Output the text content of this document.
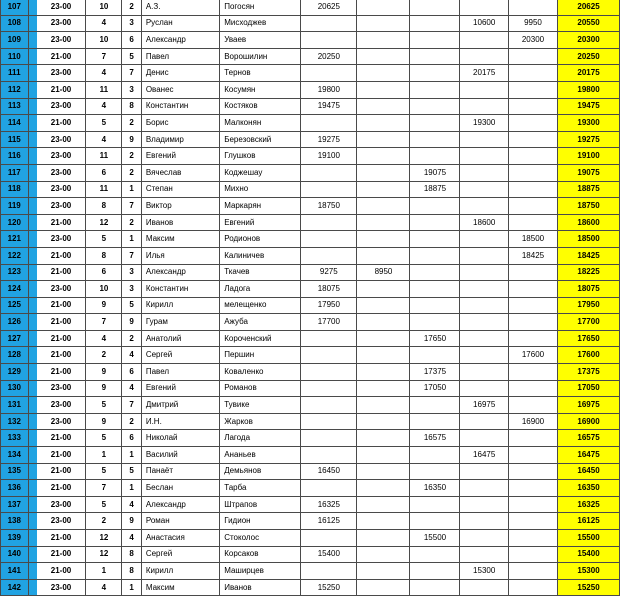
107		23-00	10	2	А.З.	Погосян	20625					20625
108		23-00	4	3	Руслан	Мисходжев				10600	9950	20550
109		23-00	10	6	Александр	Уваев					20300	20300
110		21-00	7	5	Павел	Ворошилин	20250					20250
111		23-00	4	7	Денис	Тернов				20175		20175
112		21-00	11	3	Ованес	Косумян	19800					19800
113		23-00	4	8	Константин	Костяков	19475					19475
114		21-00	5	2	Борис	Малконян				19300		19300
115		23-00	4	9	Владимир	Березовский	19275					19275
116		23-00	11	2	Евгений	Глушков	19100					19100
117		23-00	6	2	Вячеслав	Коджешау			19075			19075
118		23-00	11	1	Степан	Михно			18875			18875
119		23-00	8	7	Виктор	Маркарян	18750					18750
120		21-00	12	2	Иванов	Евгений				18600		18600
121		23-00	5	1	Максим	Родионов					18500	18500
122		21-00	8	7	Илья	Калиничев					18425	18425
123		21-00	6	3	Александр	Ткачев	9275	8950				18225
124		23-00	10	3	Константин	Ладога	18075					18075
125		21-00	9	5	Кирилл	мелещенко	17950					17950
126		21-00	7	9	Гурам	Ажуба	17700					17700
127		21-00	4	2	Анатолий	Короченский			17650			17650
128		21-00	2	4	Сергей	Першин					17600	17600
129		21-00	9	6	Павел	Коваленко			17375			17375
130		23-00	9	4	Евгений	Романов			17050			17050
131		23-00	5	7	Дмитрий	Тувике				16975		16975
132		23-00	9	2	И.Н.	Жарков					16900	16900
133		21-00	5	6	Николай	Лагода			16575			16575
134		21-00	1	1	Василий	Ананьев				16475		16475
135		21-00	5	5	Панаёт	Демьянов	16450					16450
136		21-00	7	1	Беслан	Тарба			16350			16350
137		23-00	5	4	Александр	Штрапов	16325					16325
138		23-00	2	9	Роман	Гидион	16125					16125
139		21-00	12	4	Анастасия	Стоколос			15500			15500
140		21-00	12	8	Сергей	Корсаков	15400					15400
141		21-00	1	8	Кирилл	Маширцев				15300		15300
142		23-00	4	1	Максим	Иванов	15250					15250
